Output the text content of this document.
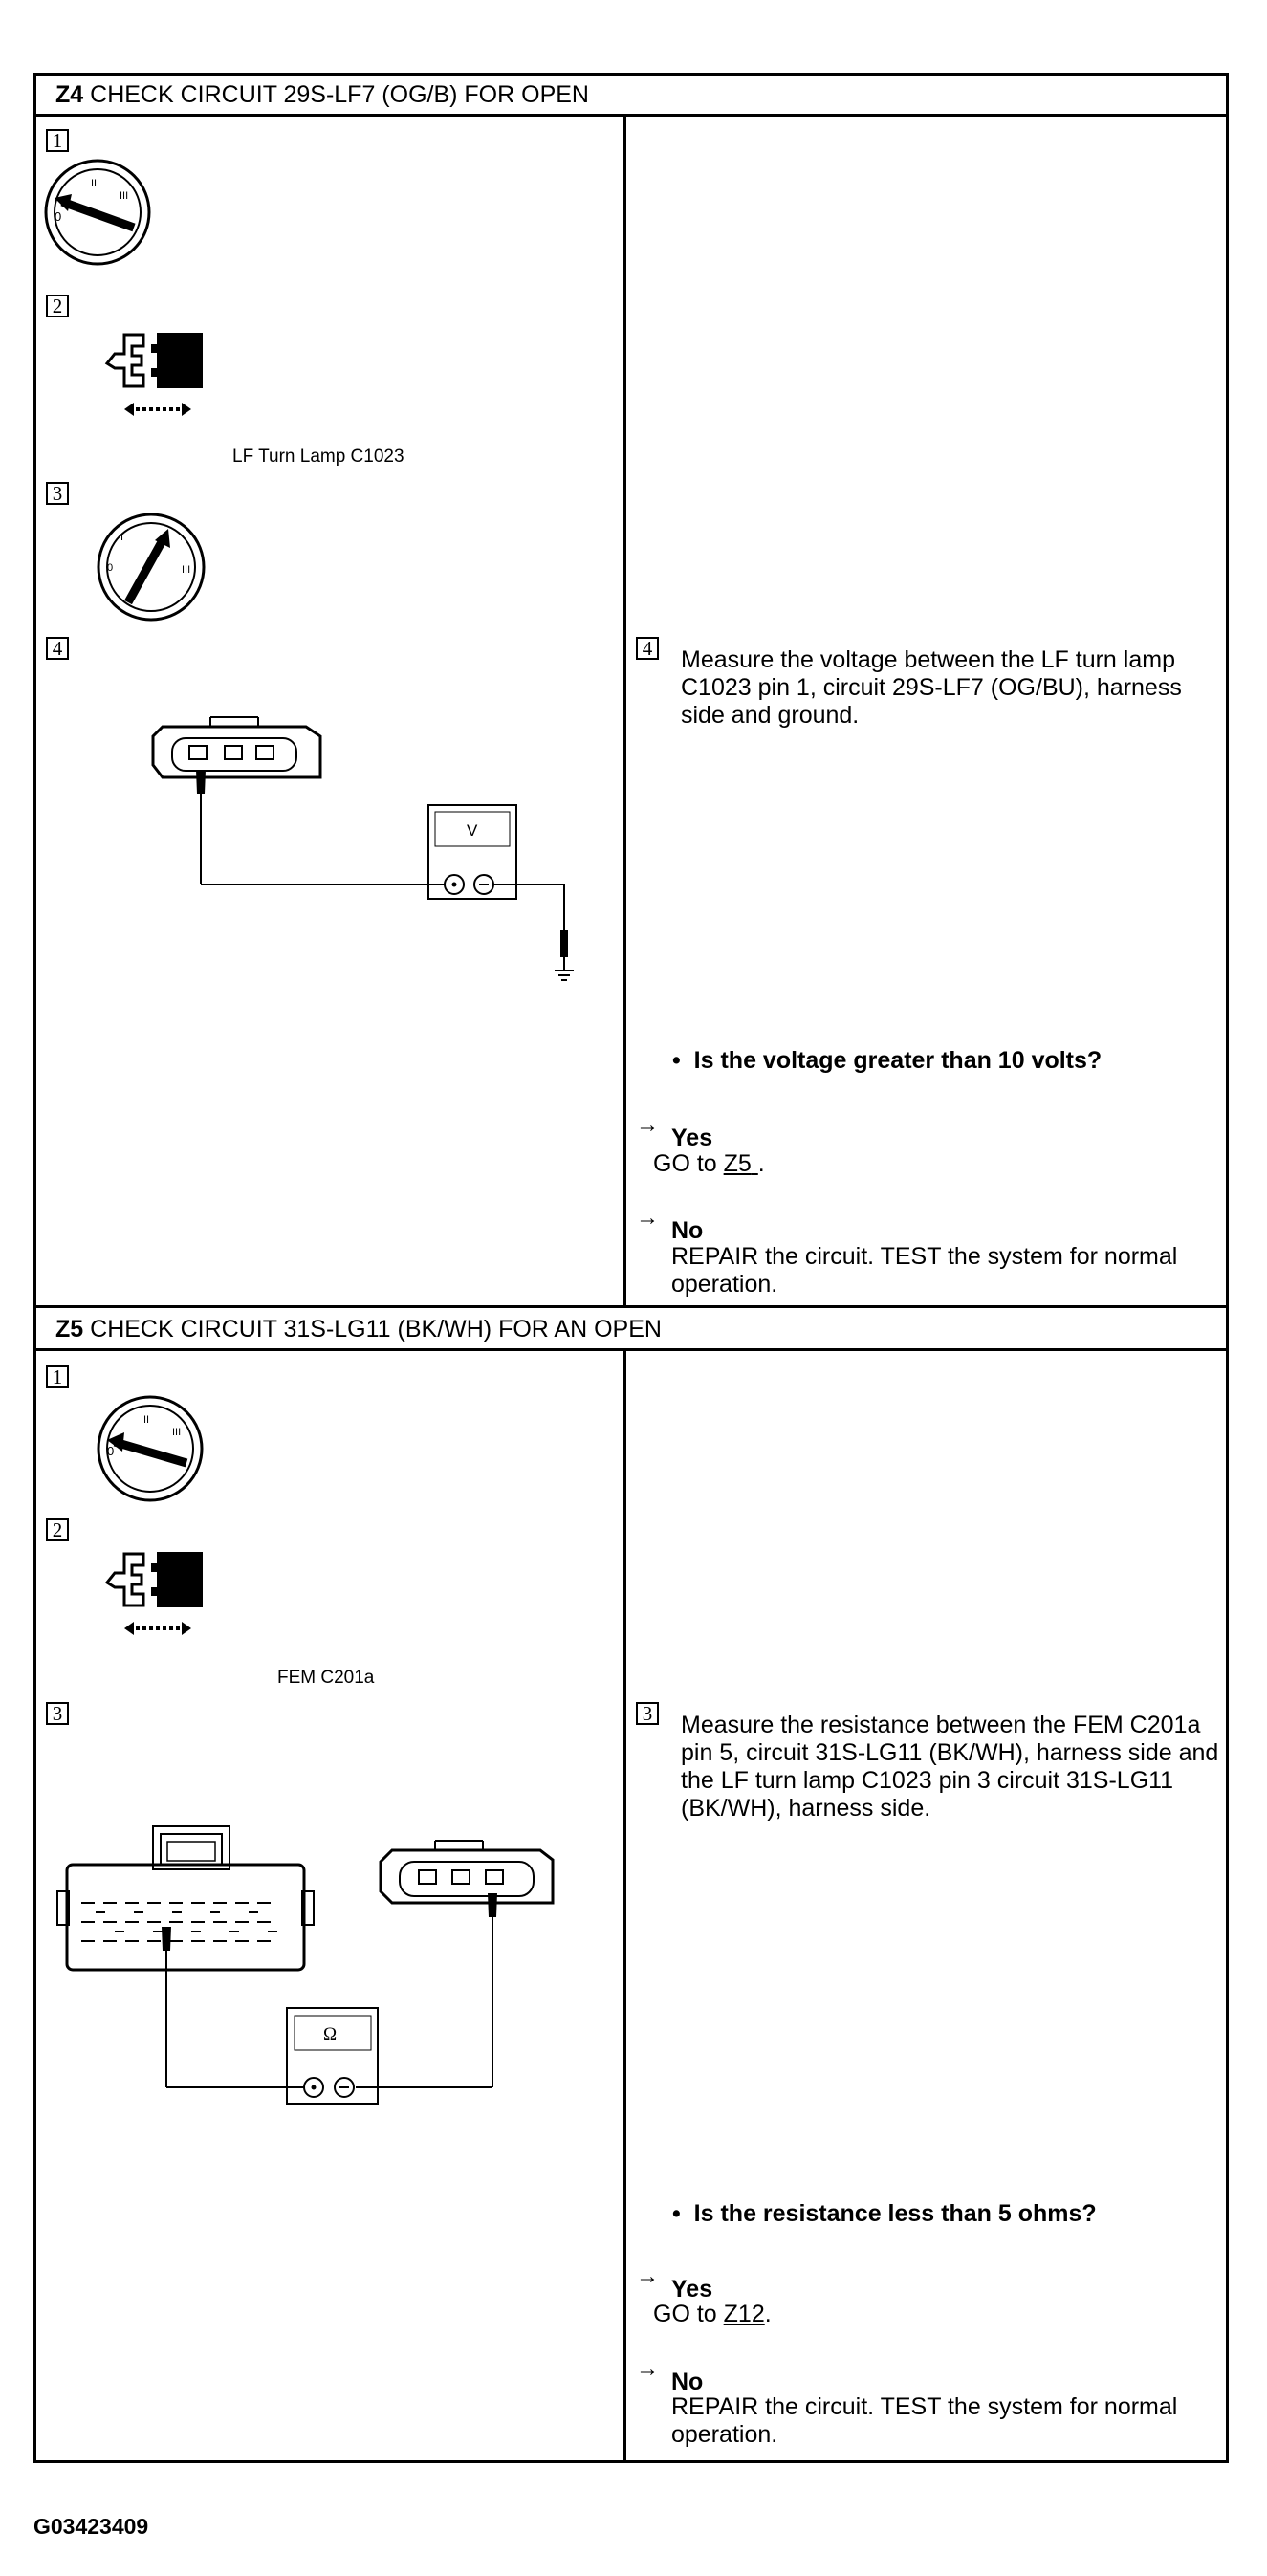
Z4 CHECK CIRCUIT 29S-LF7 (OG/B) FOR OPEN
1
0
II
III
2
LF Turn Lamp C1023
3
0
I
III
4
V
4 Measure the voltage between the LF turn lamp C1023 pin 1, circuit 29S-LF7 (OG/BU), harness side and ground.
• Is the voltage greater than 10 volts?
→ Yes
GO to Z5 .
→ No
REPAIR the circuit. TEST the system for normal operation.
Z5 CHECK CIRCUIT 31S-LG11 (BK/WH) FOR AN OPEN
1
0
II
III
2
FEM C201a
3
Ω
3 Measure the resistance between the FEM C201a pin 5, circuit 31S-LG11 (BK/WH), harness side and the LF turn lamp C1023 pin 3 circuit 31S-LG11 (BK/WH), harness side.
• Is the resistance less than 5 ohms?
→ Yes
GO to Z12.
→ No
REPAIR the circuit. TEST the system for normal operation.
G03423409
